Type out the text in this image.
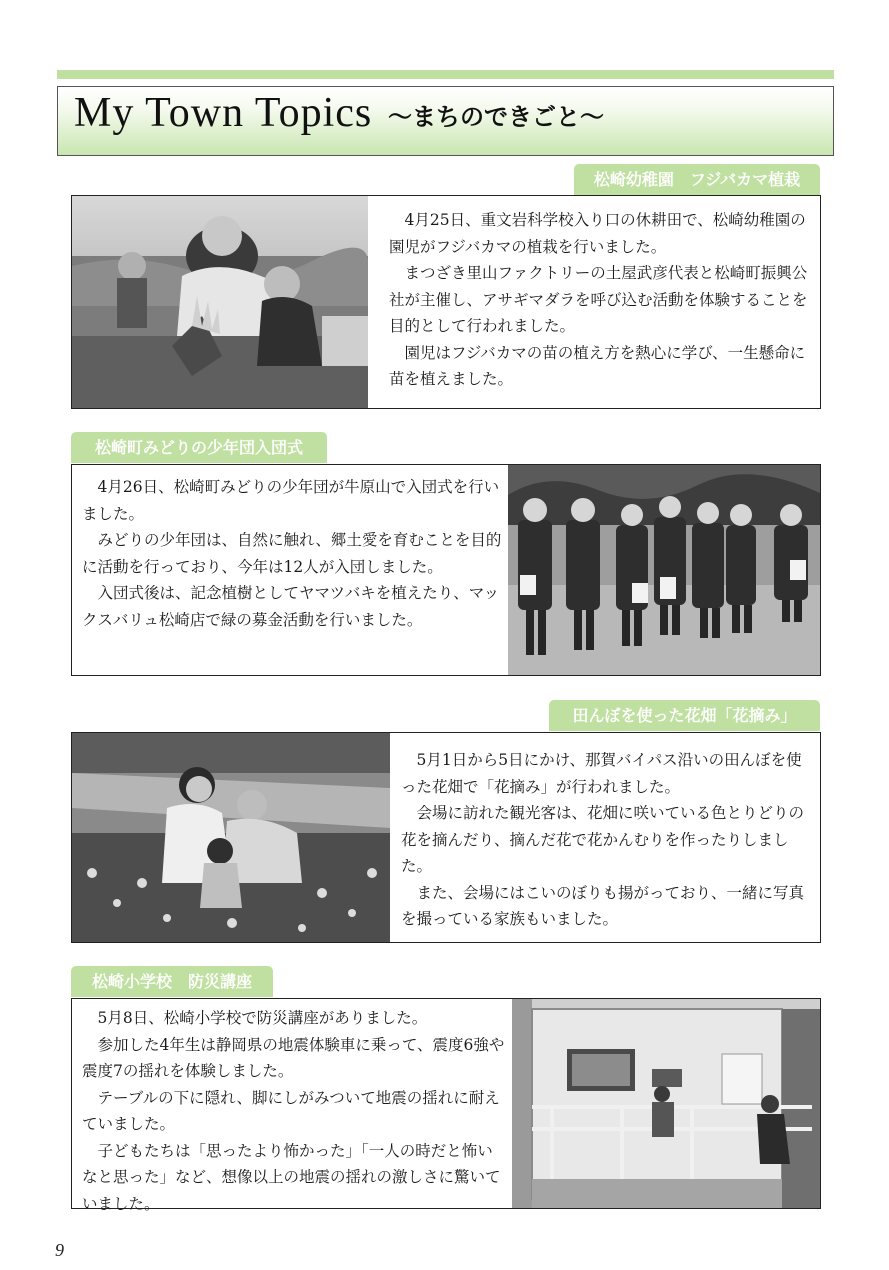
My Town Topics 〜まちのできごと〜
松崎幼稚園　フジバカマ植栽

4月25日、重文岩科学校入り口の休耕田で、松崎幼稚園の園児がフジバカマの植栽を行いました。

まつざき里山ファクトリーの土屋武彦代表と松崎町振興公社が主催し、アサギマダラを呼び込む活動を体験することを目的として行われました。

園児はフジバカマの苗の植え方を熱心に学び、一生懸命に苗を植えました。

松崎町みどりの少年団入団式

4月26日、松崎町みどりの少年団が牛原山で入団式を行いました。

みどりの少年団は、自然に触れ、郷土愛を育むことを目的に活動を行っており、今年は12人が入団しました。

入団式後は、記念植樹としてヤマツバキを植えたり、マックスバリュ松崎店で緑の募金活動を行いました。

田んぼを使った花畑「花摘み」

5月1日から5日にかけ、那賀バイパス沿いの田んぼを使った花畑で「花摘み」が行われました。

会場に訪れた観光客は、花畑に咲いている色とりどりの花を摘んだり、摘んだ花で花かんむりを作ったりしました。

また、会場にはこいのぼりも揚がっており、一緒に写真を撮っている家族もいました。

松崎小学校　防災講座

5月8日、松崎小学校で防災講座がありました。

参加した4年生は静岡県の地震体験車に乗って、震度6強や震度7の揺れを体験しました。

テーブルの下に隠れ、脚にしがみついて地震の揺れに耐えていました。

子どもたちは「思ったより怖かった」「一人の時だと怖いなと思った」など、想像以上の地震の揺れの激しさに驚いていました。

9
